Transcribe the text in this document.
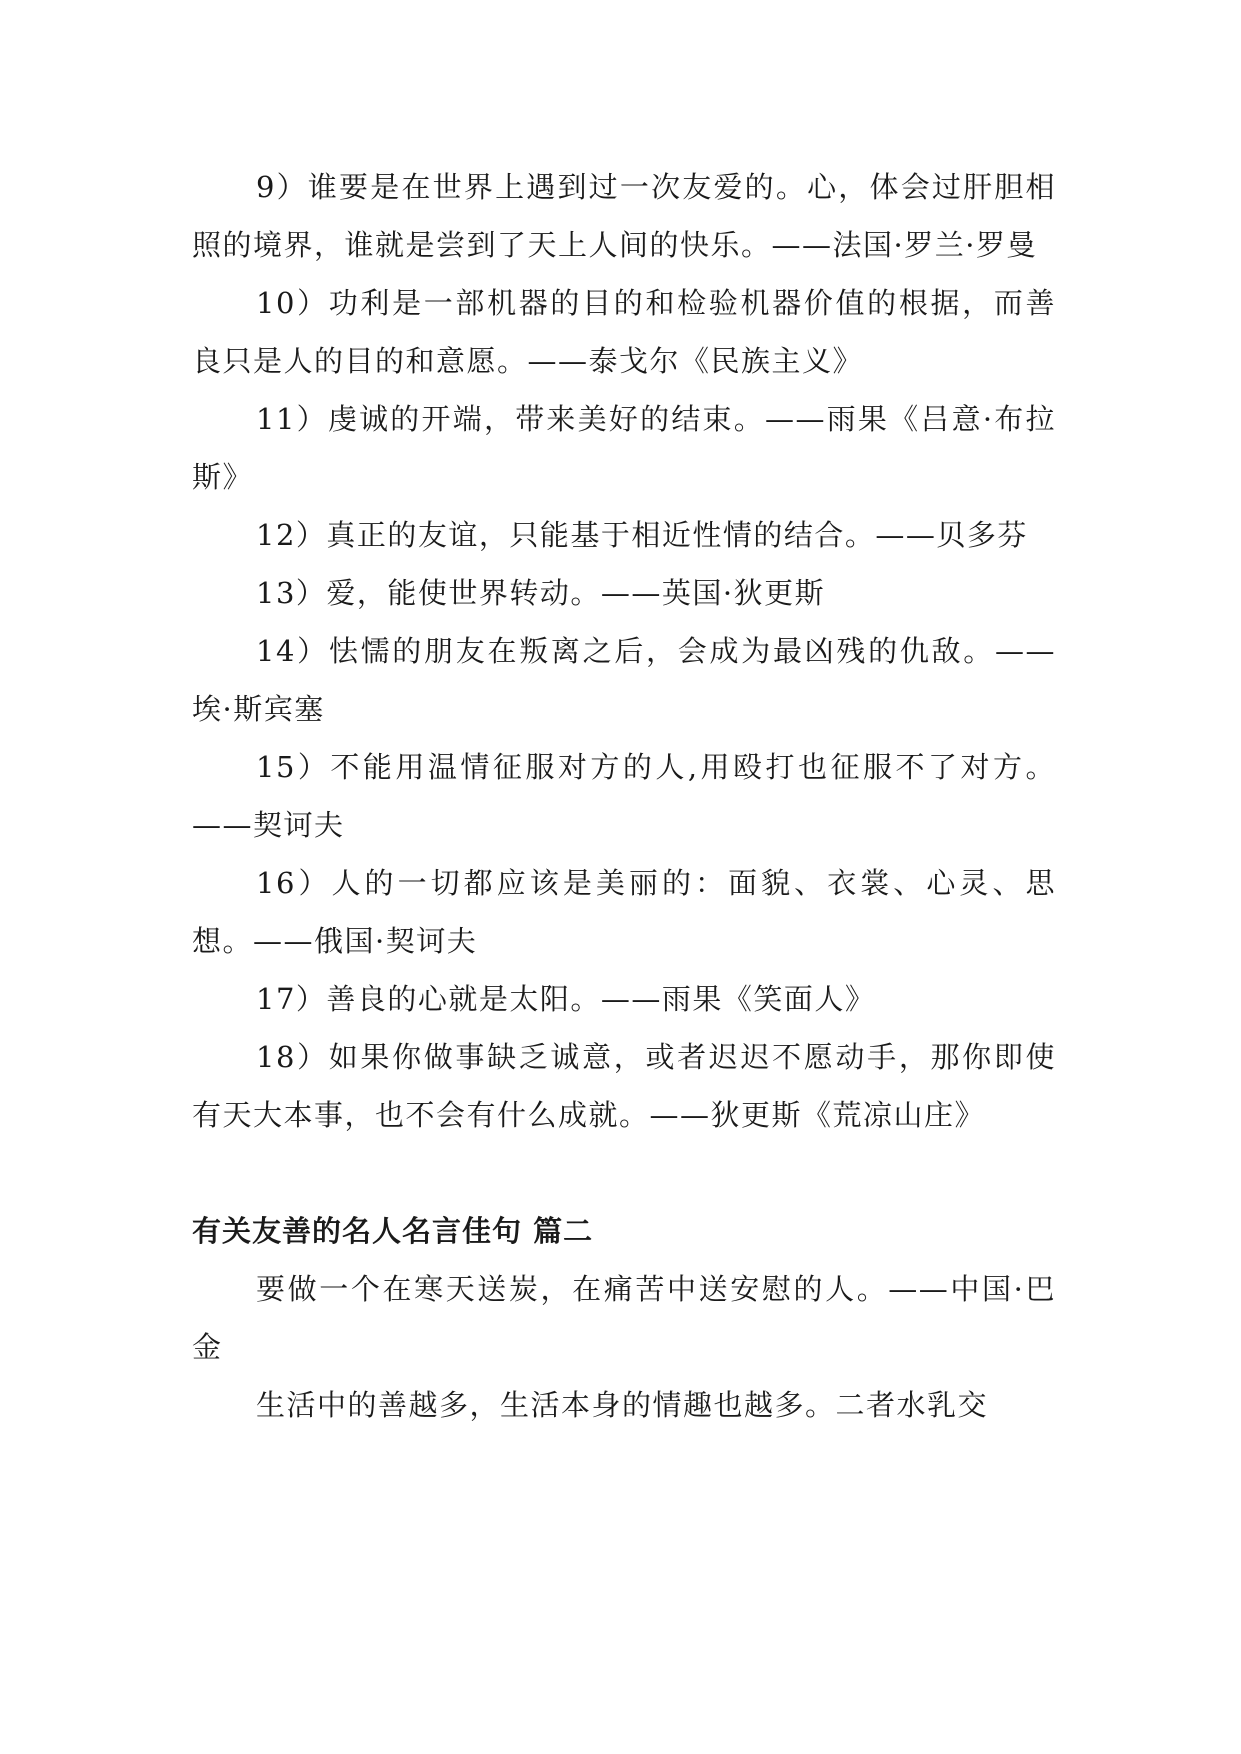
9）谁要是在世界上遇到过一次友爱的。心，体会过肝胆相照的境界，谁就是尝到了天上人间的快乐。——法国·罗兰·罗曼

10）功利是一部机器的目的和检验机器价值的根据，而善良只是人的目的和意愿。——泰戈尔《民族主义》

11）虔诚的开端，带来美好的结束。——雨果《吕意·布拉斯》

12）真正的友谊，只能基于相近性情的结合。——贝多芬

13）爱，能使世界转动。——英国·狄更斯

14）怯懦的朋友在叛离之后，会成为最凶残的仇敌。——埃·斯宾塞

15）不能用温情征服对方的人,用殴打也征服不了对方。——契诃夫

16）人的一切都应该是美丽的：面貌、衣裳、心灵、思想。——俄国·契诃夫

17）善良的心就是太阳。——雨果《笑面人》

18）如果你做事缺乏诚意，或者迟迟不愿动手，那你即使有天大本事，也不会有什么成就。——狄更斯《荒凉山庄》

有关友善的名人名言佳句 篇二

要做一个在寒天送炭，在痛苦中送安慰的人。——中国·巴金

生活中的善越多，生活本身的情趣也越多。二者水乳交
